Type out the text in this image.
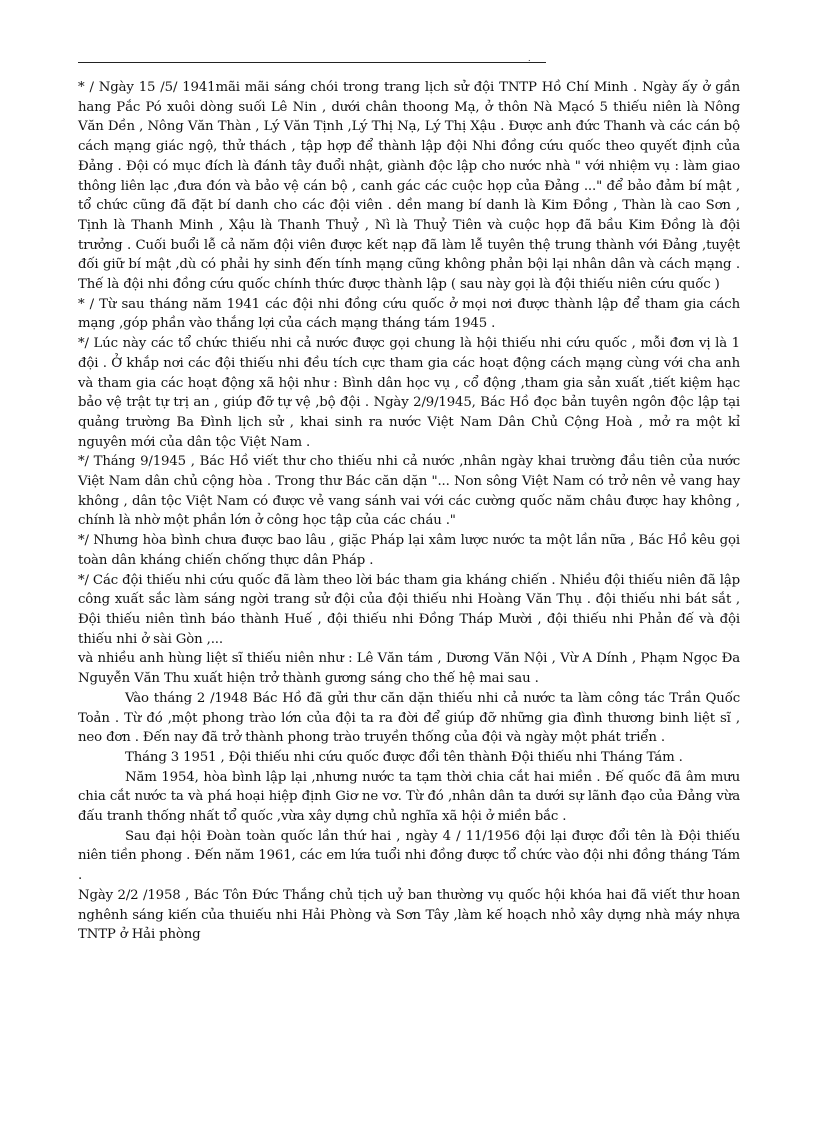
.

* / Ngày 15 /5/ 1941mãi mãi sáng chói trong trang lịch sử đội TNTP Hồ Chí Minh . Ngày ấy ở gần hang Pắc Pó xuôi dòng suối Lê Nin , dưới chân thoong Mạ, ở thôn Nà Mạcó 5 thiếu niên là Nông Văn Dền , Nông Văn Thàn , Lý Văn Tịnh ,Lý Thị Nạ, Lý Thị Xậu . Được anh đức Thanh và các cán bộ cách mạng giác ngộ, thử thách , tập hợp để thành lập đội Nhi đồng cứu quốc theo quyết định của Đảng . Đội có mục đích là đánh tây đuổi nhật, giành độc lập cho nước nhà " với nhiệm vụ : làm giao thông liên lạc ,đưa đón và bảo vệ cán bộ , canh gác các cuộc họp của Đảng ..." để bảo đảm bí mật , tổ chức cũng đã đặt bí danh cho các đội viên . dền mang bí danh là Kim Đồng , Thàn là cao Sơn , Tịnh là Thanh Minh , Xậu là Thanh Thuỷ , Nì là Thuỷ Tiên và cuộc họp đã bầu Kim Đồng là đội trưởng . Cuối buổi lễ cả năm đội viên được kết nạp đã làm lễ tuyên thệ trung thành với Đảng ,tuyệt đối giữ bí mật ,dù có phải hy sinh đến tính mạng cũng không phản bội lại nhân dân và cách mạng . Thế là đội nhi đồng cứu quốc chính thức được thành lập ( sau này gọi là đội thiếu niên cứu quốc )

* / Từ sau tháng năm 1941 các đội nhi đồng cứu quốc ở mọi nơi được thành lập để tham gia cách mạng ,góp phần vào thắng lợi của cách mạng tháng tám 1945 .

*/ Lúc này các tổ chức thiếu nhi cả nước được gọi chung là hội thiếu nhi cứu quốc , mỗi đơn vị là 1 đội . Ở khắp nơi các đội thiếu nhi đều tích cực tham gia các hoạt động cách mạng cùng với cha anh và tham gia các hoạt động xã hội như : Bình dân học vụ , cổ động ,tham gia sản xuất ,tiết kiệm hạc bảo vệ trật tự trị an , giúp đỡ tự vệ ,bộ đội . Ngày 2/9/1945, Bác Hồ đọc bản tuyên ngôn độc lập tại quảng trường Ba Đình lịch sử , khai sinh ra nước Việt Nam Dân Chủ Cộng Hoà , mở ra một kỉ nguyên mới của dân tộc Việt Nam .

*/ Tháng 9/1945 , Bác Hồ viết thư cho thiếu nhi cả nước ,nhân ngày khai trường đầu tiên của nước Việt Nam dân chủ cộng hòa . Trong thư Bác căn dặn "... Non sông Việt Nam có trở nên vẻ vang hay không , dân tộc Việt Nam có được vẻ vang sánh vai với các cường quốc năm châu được hay không , chính là nhờ một phần lớn ở công học tập của các cháu ."

*/ Nhưng hòa bình chưa được bao lâu , giặc Pháp lại xâm lược nước ta một lần nữa , Bác Hồ kêu gọi toàn dân kháng chiến chống thực dân Pháp .

*/ Các đội thiếu nhi cứu quốc đã làm theo lời bác tham gia kháng chiến . Nhiều đội thiếu niên đã lập công xuất sắc làm sáng ngời trang sử đội của đội thiếu nhi Hoàng Văn Thụ . đội thiếu nhi bát sắt , Đội thiếu niên tình báo thành Huế , đội thiếu nhi Đồng Tháp Mười , đội thiếu nhi Phản đế và đội thiếu nhi ở sài Gòn ,...

và nhiều anh hùng liệt sĩ thiếu niên như : Lê Văn tám , Dương Văn Nội , Vừ A Dính , Phạm Ngọc Đa Nguyễn Văn Thu xuất hiện trở thành gương sáng cho thế hệ mai sau .

Vào tháng 2 /1948 Bác Hồ đã gửi thư căn dặn thiếu nhi cả nước ta làm công tác Trần Quốc Toản . Từ đó ,một phong trào lớn của đội ta ra đời để giúp đỡ những gia đình thương binh liệt sĩ , neo đơn . Đến nay đã trở thành phong trào truyền thống của đội và ngày một phát triển .

Tháng 3 1951 , Đội thiếu nhi cứu quốc được đổi tên thành Đội thiếu nhi Tháng Tám .

Năm 1954, hòa bình lập lại ,nhưng nước ta tạm thời chia cắt hai miền . Đế quốc đã âm mưu chia cắt nước ta và phá hoại hiệp định Giơ ne vơ. Từ đó ,nhân dân ta dưới sự lãnh đạo của Đảng vừa đấu tranh thống nhất tổ quốc ,vừa xây dựng chủ nghĩa xã hội ở miền bắc .

Sau đại hội Đoàn toàn quốc lần thứ hai , ngày 4 / 11/1956 đội lại được đổi tên là Đội thiếu niên tiền phong . Đến năm 1961, các em lứa tuổi nhi đồng được tổ chức vào đội nhi đồng tháng Tám .

Ngày 2/2 /1958 , Bác Tôn Đức Thắng chủ tịch uỷ ban thường vụ quốc hội khóa hai đã viết thư hoan nghênh sáng kiến của thuiếu nhi Hải Phòng và Sơn Tây ,làm kế hoạch nhỏ xây dựng nhà máy nhựa TNTP ở Hải phòng
